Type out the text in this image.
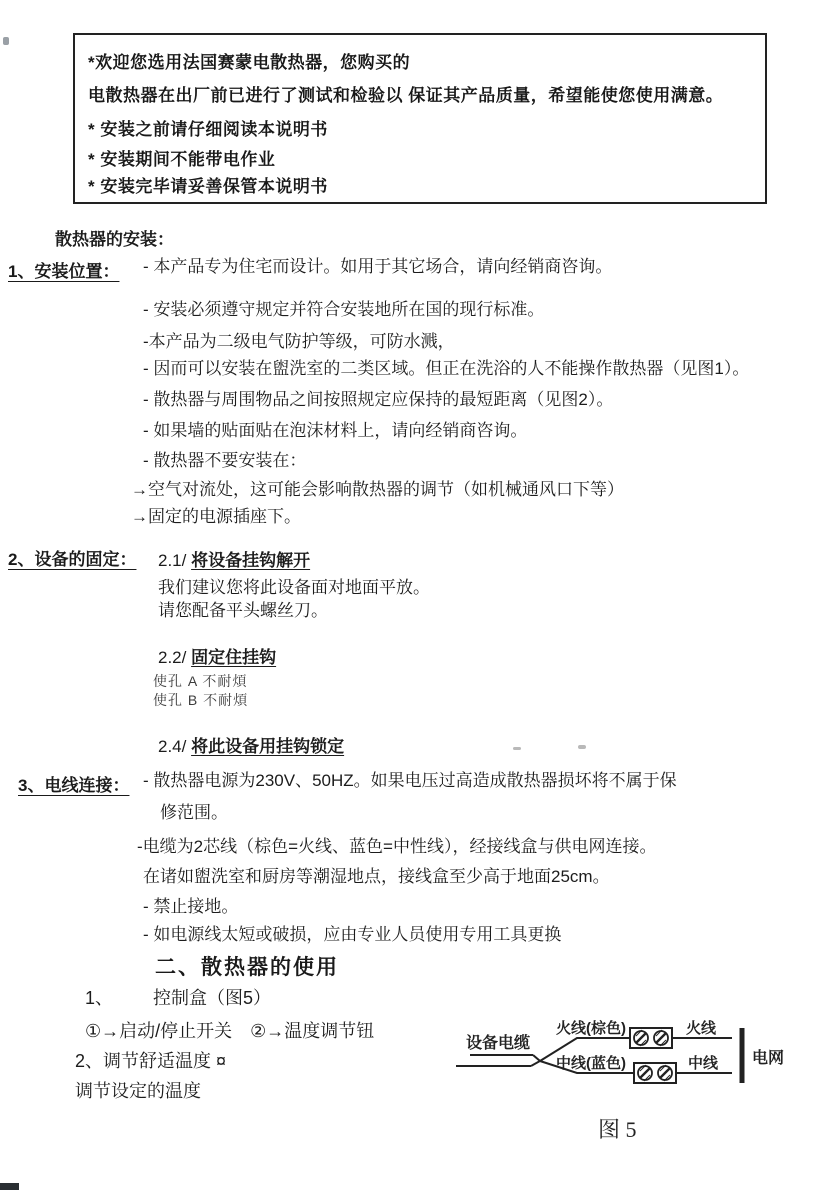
*欢迎您选用法国赛蒙电散热器，您购买的
电散热器在出厂前已进行了测试和检验以 保证其产品质量，希望能使您使用满意。
* 安装之前请仔细阅读本说明书
* 安装期间不能带电作业
* 安装完毕请妥善保管本说明书
散热器的安装：
1、安装位置： - 本产品专为住宅而设计。如用于其它场合，请向经销商咨询。
- 安装必须遵守规定并符合安装地所在国的现行标准。
-本产品为二级电气防护等级，可防水溅，
- 因而可以安装在盥洗室的二类区域。但正在洗浴的人不能操作散热器（见图1）。
- 散热器与周围物品之间按照规定应保持的最短距离（见图2）。
- 如果墙的贴面贴在泡沫材料上，请向经销商咨询。
- 散热器不要安装在：
→空气对流处，这可能会影响散热器的调节（如机械通风口下等）
→固定的电源插座下。
2、设备的固定： 2.1/ 将设备挂钩解开
我们建议您将此设备面对地面平放。
请您配备平头螺丝刀。
2.2/ 固定住挂钩
使孔 A 不耐煩
使孔 B 不耐煩
2.4/ 将此设备用挂钩锁定
3、电线连接： - 散热器电源为230V、50HZ。如果电压过高造成散热器损坏将不属于保
修范围。
-电缆为2芯线（棕色=火线、蓝色=中性线），经接线盒与供电网连接。
在诸如盥洗室和厨房等潮湿地点，接线盒至少高于地面25cm。
- 禁止接地。
- 如电源线太短或破损，应由专业人员使用专用工具更换
二、散热器的使用
1、 控制盒（图5）
①→启动/停止开关　②→温度调节钮
2、调节舒适温度 ¤
调节设定的温度
设备电缆
火线(棕色)	火线
中线(蓝色)	中线 电网
图 5
